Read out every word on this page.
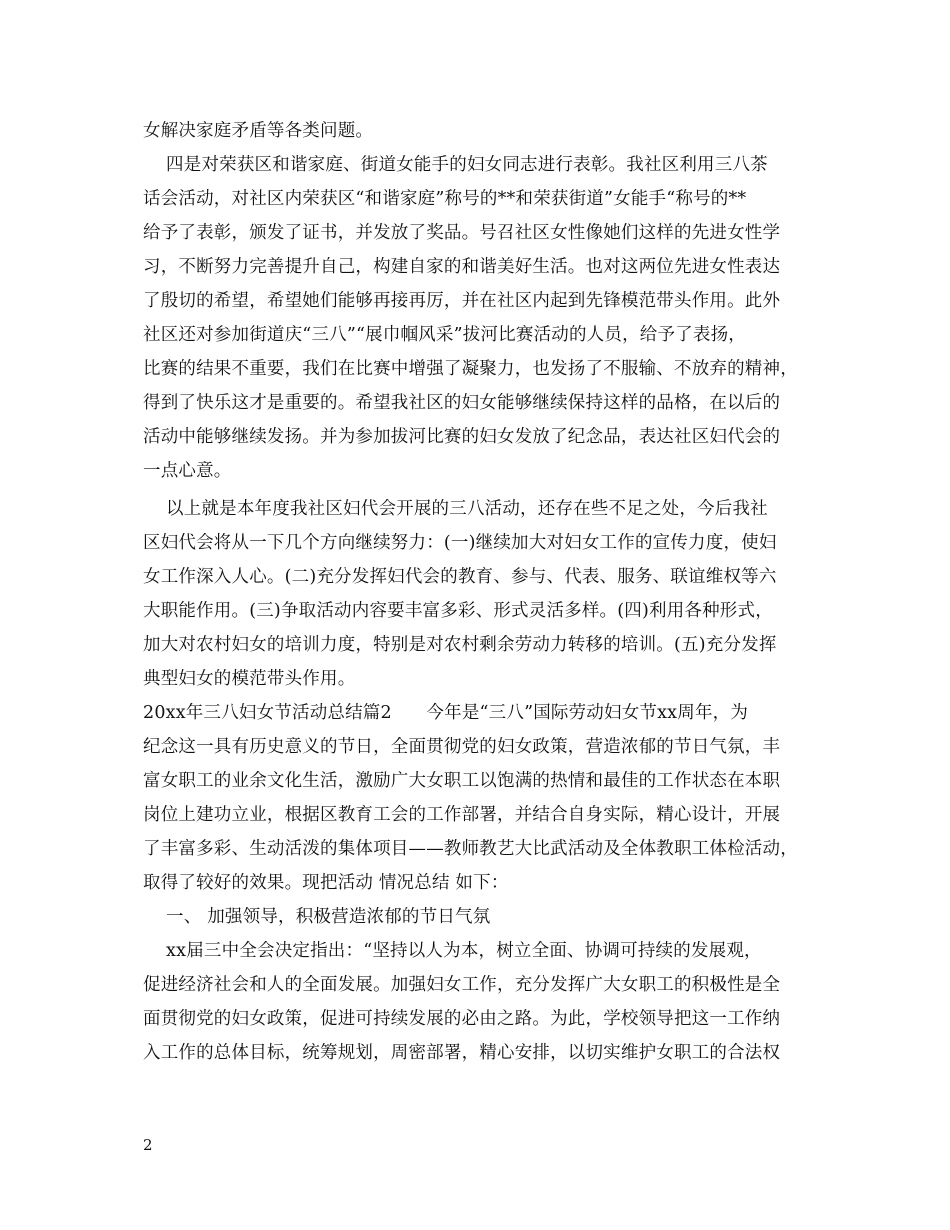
女解决家庭矛盾等各类问题。
四是对荣获区和谐家庭、街道女能手的妇女同志进行表彰。我社区利用三八茶
话会活动，对社区内荣获区“和谐家庭”称号的**和荣获街道”女能手“称号的**
给予了表彰，颁发了证书，并发放了奖品。号召社区女性像她们这样的先进女性学
习，不断努力完善提升自己，构建自家的和谐美好生活。也对这两位先进女性表达
了殷切的希望，希望她们能够再接再厉，并在社区内起到先锋模范带头作用。此外
社区还对参加街道庆“三八”“展巾帼风采”拔河比赛活动的人员，给予了表扬，
比赛的结果不重要，我们在比赛中增强了凝聚力，也发扬了不服输、不放弃的精神，
得到了快乐这才是重要的。希望我社区的妇女能够继续保持这样的品格，在以后的
活动中能够继续发扬。并为参加拔河比赛的妇女发放了纪念品，表达社区妇代会的
一点心意。
以上就是本年度我社区妇代会开展的三八活动，还存在些不足之处，今后我社
区妇代会将从一下几个方向继续努力：(一)继续加大对妇女工作的宣传力度，使妇
女工作深入人心。(二)充分发挥妇代会的教育、参与、代表、服务、联谊维权等六
大职能作用。(三)争取活动内容要丰富多彩、形式灵活多样。(四)利用各种形式，
加大对农村妇女的培训力度，特别是对农村剩余劳动力转移的培训。(五)充分发挥
典型妇女的模范带头作用。
20xx年三八妇女节活动总结篇2      今年是“三八”国际劳动妇女节xx周年，为
纪念这一具有历史意义的节日，全面贯彻党的妇女政策，营造浓郁的节日气氛，丰
富女职工的业余文化生活，激励广大女职工以饱满的热情和最佳的工作状态在本职
岗位上建功立业，根据区教育工会的工作部署，并结合自身实际，精心设计，开展
了丰富多彩、生动活泼的集体项目——教师教艺大比武活动及全体教职工体检活动，
取得了较好的效果。现把活动 情况总结 如下：
一、 加强领导，积极营造浓郁的节日气氛
xx届三中全会决定指出：“坚持以人为本，树立全面、协调可持续的发展观，
促进经济社会和人的全面发展。加强妇女工作，充分发挥广大女职工的积极性是全
面贯彻党的妇女政策，促进可持续发展的必由之路。为此，学校领导把这一工作纳
入工作的总体目标，统筹规划，周密部署，精心安排，以切实维护女职工的合法权
2
